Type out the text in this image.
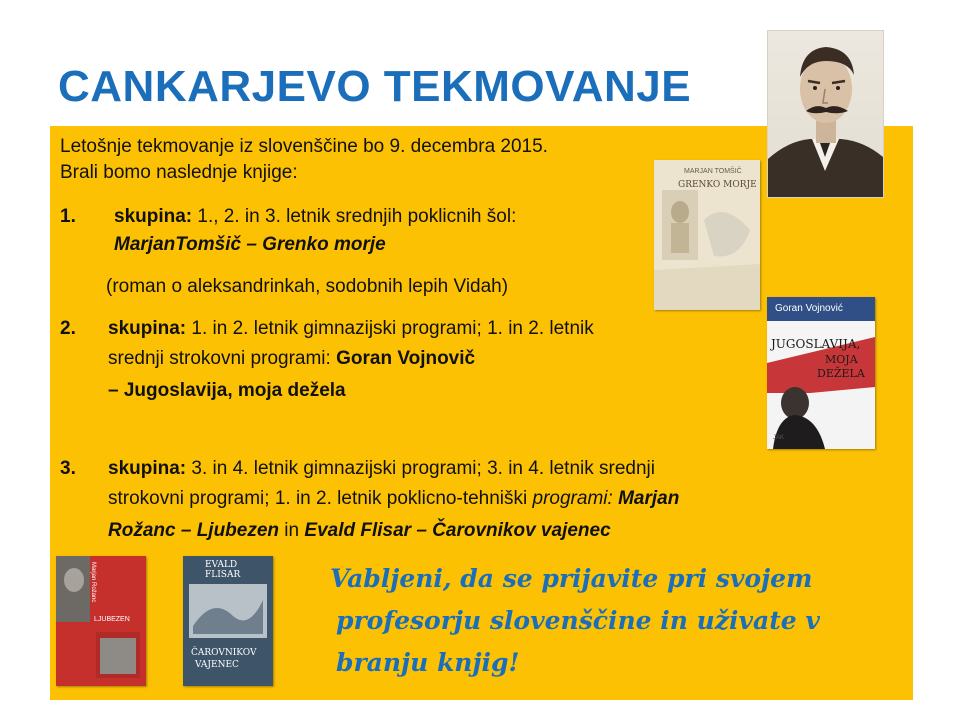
CANKARJEVO TEKMOVANJE
Letošnje tekmovanje iz slovenščine bo 9. decembra 2015.
Brali bomo naslednje knjige:
1. skupina: 1., 2. in 3. letnik srednjih poklicnih šol:
MarjanTomšič – Grenko morje
(roman o aleksandrinkah, sodobnih lepih Vidah)
2. skupina: 1. in 2. letnik gimnazijski programi; 1. in 2. letnik
srednji strokovni programi: Goran Vojnovič
– Jugoslavija, moja dežela
3. skupina: 3. in 4. letnik gimnazijski programi; 3. in 4. letnik srednji
strokovni programi; 1. in 2. letnik poklicno-tehniški programi: Marjan
Rožanc – Ljubezen in Evald Flisar – Čarovnikov vajenec
Vabljeni, da se prijavite pri svojem
profesorju slovenščine in uživate v
branju knjig!
MARJAN TOMŠIČ
GRENKO MORJE
Goran Vojnović
JUGOSLAVIJA,
MOJA
DEŽELA
JAK
Marjan Rožanc
LJUBEZEN
EVALD
FLISAR
ČAROVNIKOV
VAJENEC
